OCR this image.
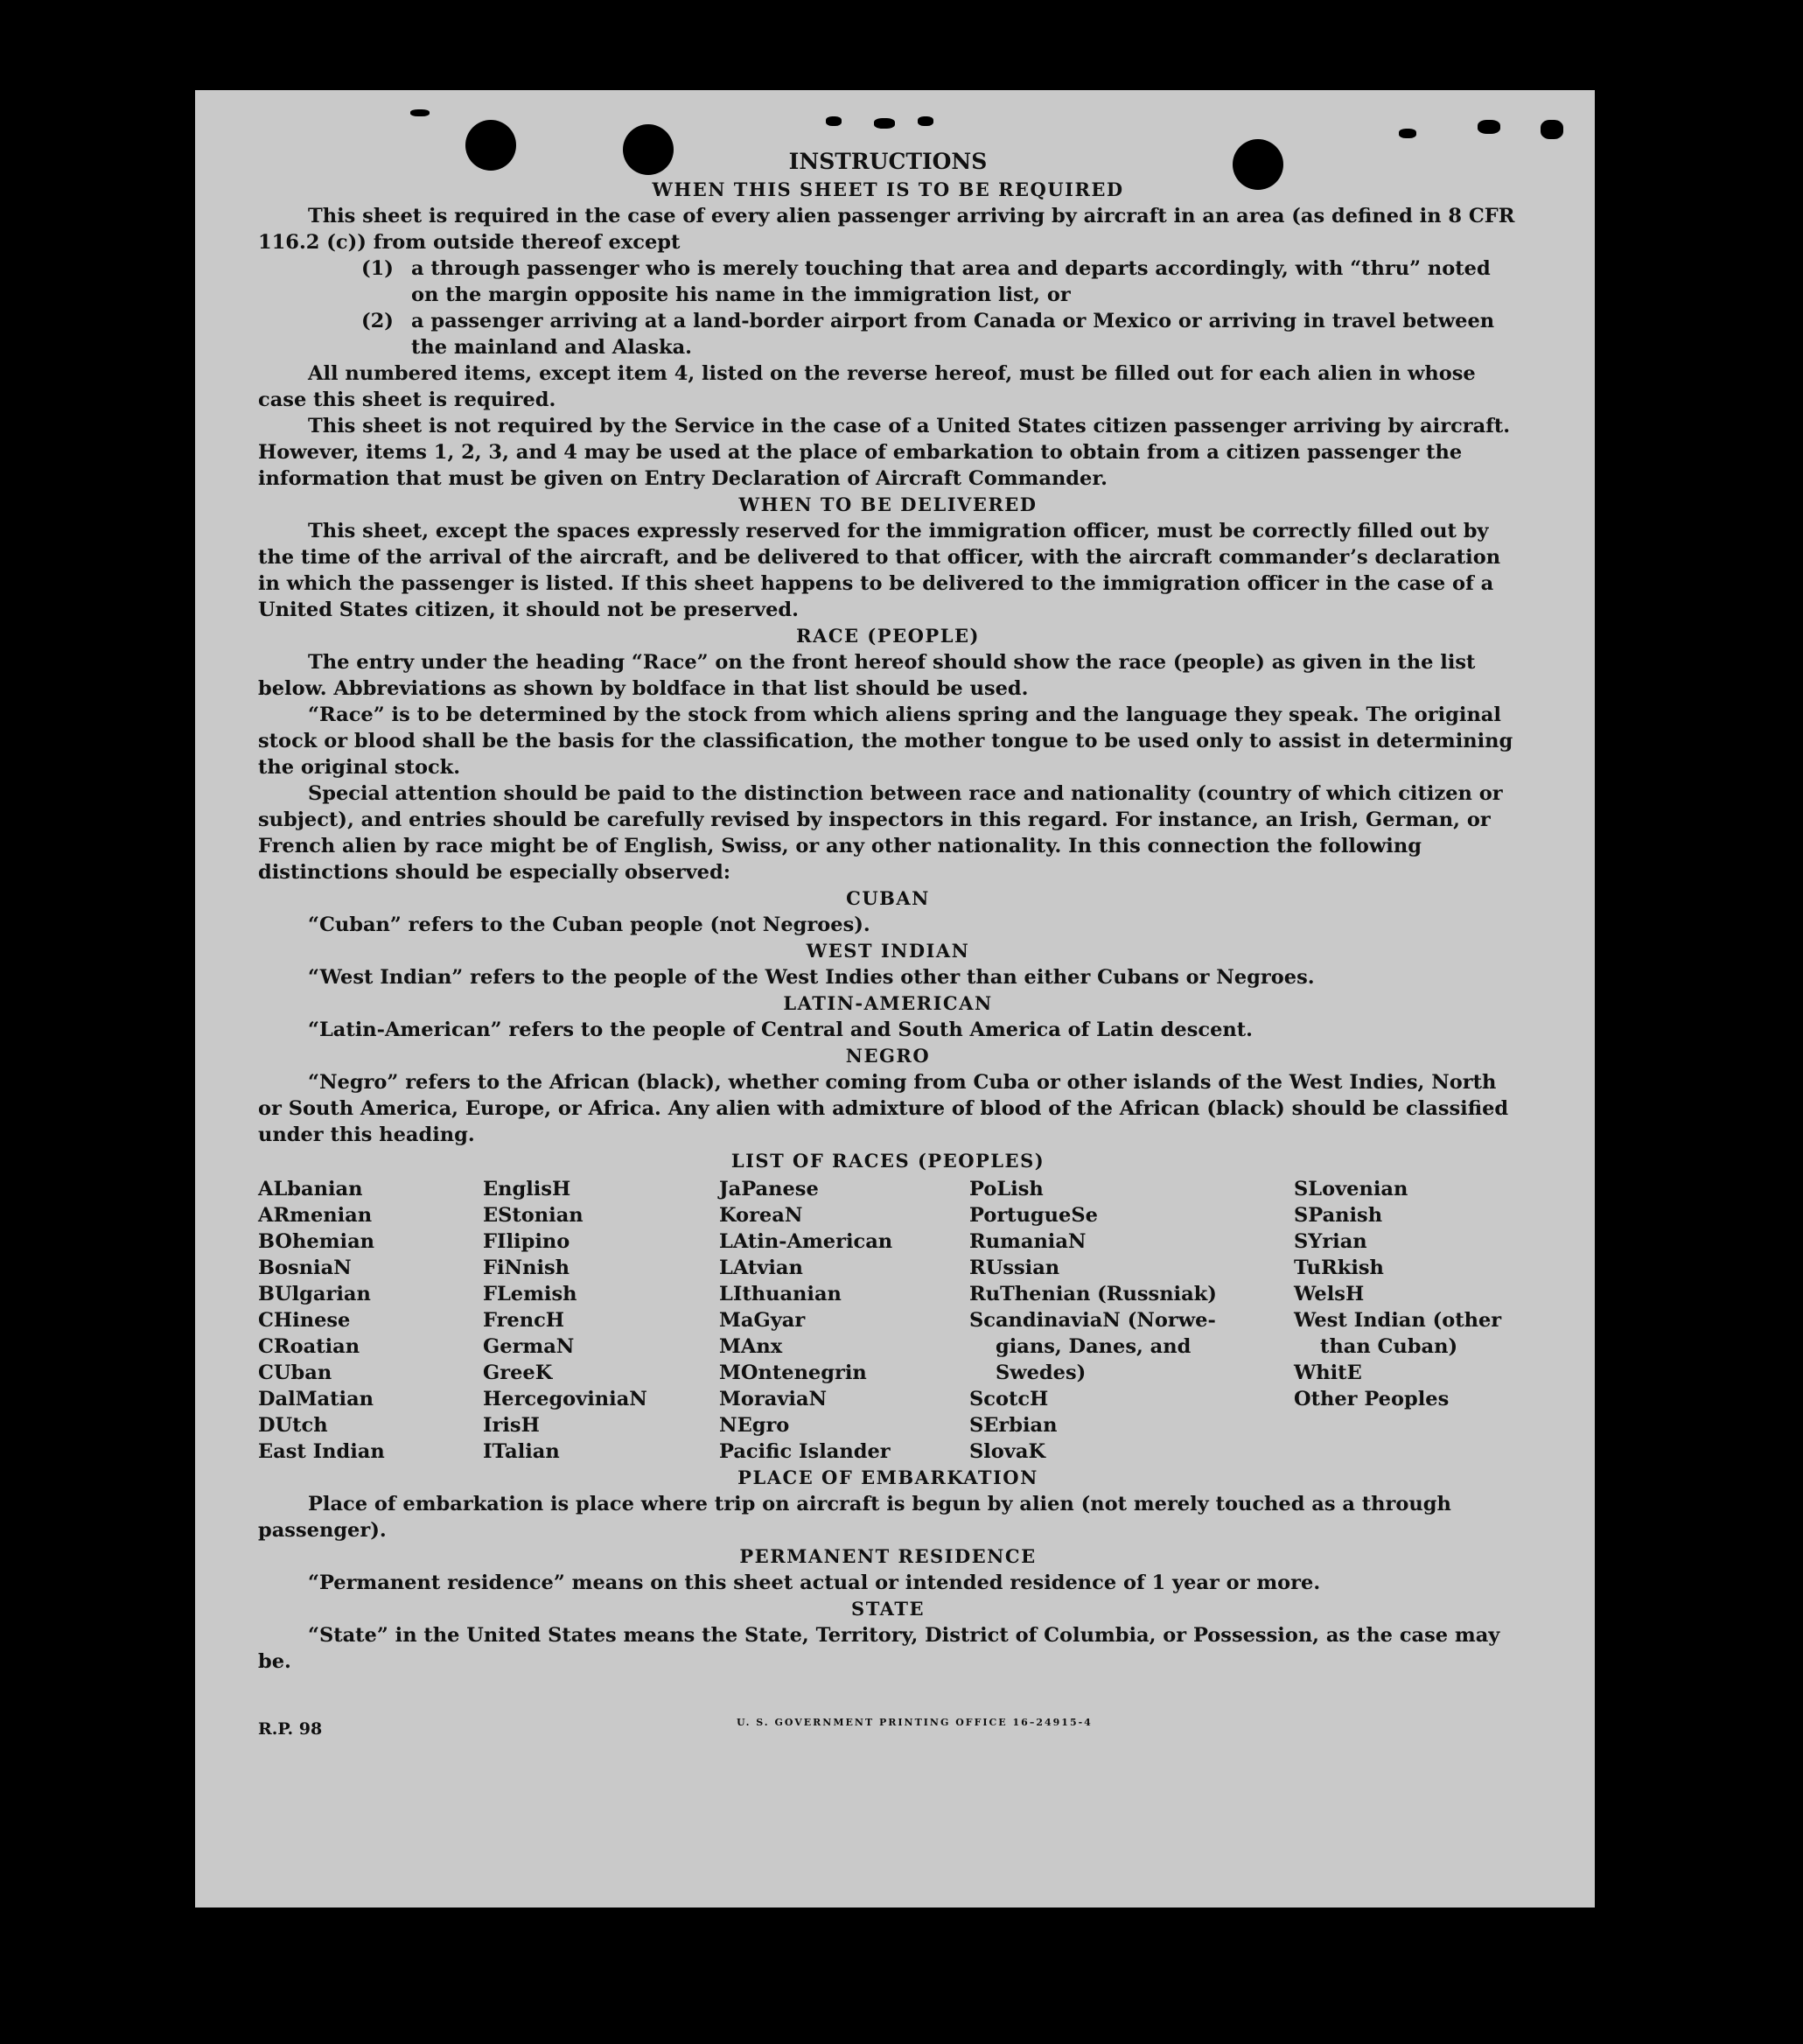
INSTRUCTIONS
WHEN THIS SHEET IS TO BE REQUIRED

This sheet is required in the case of every alien passenger arriving by aircraft in an area (as defined in 8 CFR 116.2 (c)) from outside thereof except

(1) a through passenger who is merely touching that area and departs accordingly, with “thru” noted on the margin opposite his name in the immigration list, or
(2) a passenger arriving at a land-border airport from Canada or Mexico or arriving in travel between the mainland and Alaska.

All numbered items, except item 4, listed on the reverse hereof, must be filled out for each alien in whose case this sheet is required.

This sheet is not required by the Service in the case of a United States citizen passenger arriving by aircraft. However, items 1, 2, 3, and 4 may be used at the place of embarkation to obtain from a citizen passenger the information that must be given on Entry Declaration of Aircraft Commander.

WHEN TO BE DELIVERED

This sheet, except the spaces expressly reserved for the immigration officer, must be correctly filled out by the time of the arrival of the aircraft, and be delivered to that officer, with the aircraft commander’s declaration in which the passenger is listed. If this sheet happens to be delivered to the immigration officer in the case of a United States citizen, it should not be preserved.

RACE (PEOPLE)

The entry under the heading “Race” on the front hereof should show the race (people) as given in the list below. Abbreviations as shown by boldface in that list should be used.

“Race” is to be determined by the stock from which aliens spring and the language they speak. The original stock or blood shall be the basis for the classification, the mother tongue to be used only to assist in determining the original stock.

Special attention should be paid to the distinction between race and nationality (country of which citizen or subject), and entries should be carefully revised by inspectors in this regard. For instance, an Irish, German, or French alien by race might be of English, Swiss, or any other nationality. In this connection the following distinctions should be especially observed:

CUBAN

“Cuban” refers to the Cuban people (not Negroes).

WEST INDIAN

“West Indian” refers to the people of the West Indies other than either Cubans or Negroes.

LATIN-AMERICAN

“Latin-American” refers to the people of Central and South America of Latin descent.

NEGRO

“Negro” refers to the African (black), whether coming from Cuba or other islands of the West Indies, North or South America, Europe, or Africa. Any alien with admixture of blood of the African (black) should be classified under this heading.

LIST OF RACES (PEOPLES)
ALbanian
ARmenian
BOhemian
BosniaN
BUlgarian
CHinese
CRoatian
CUban
DalMatian
DUtch
East Indian
EnglisH
EStonian
FIlipino
FiNnish
FLemish
FrencH
GermaN
GreeK
HercegoviniaN
IrisH
ITalian
JaPanese
KoreaN
LAtin-American
LAtvian
LIthuanian
MaGyar
MAnx
MOntenegrin
MoraviaN
NEgro
Pacific Islander
PoLish
PortugueSe
RumaniaN
RUssian
RuThenian (Russniak)
ScandinaviaN (Norwe-
gians, Danes, and
Swedes)
ScotcH
SErbian
SlovaK
SLovenian
SPanish
SYrian
TuRkish
WelsH
West Indian (other
than Cuban)
WhitE
Other Peoples
PLACE OF EMBARKATION

Place of embarkation is place where trip on aircraft is begun by alien (not merely touched as a through passenger).

PERMANENT RESIDENCE

“Permanent residence” means on this sheet actual or intended residence of 1 year or more.

STATE

“State” in the United States means the State, Territory, District of Columbia, or Possession, as the case may be.

R.P. 98	U. S. GOVERNMENT PRINTING OFFICE 16–24915-4
